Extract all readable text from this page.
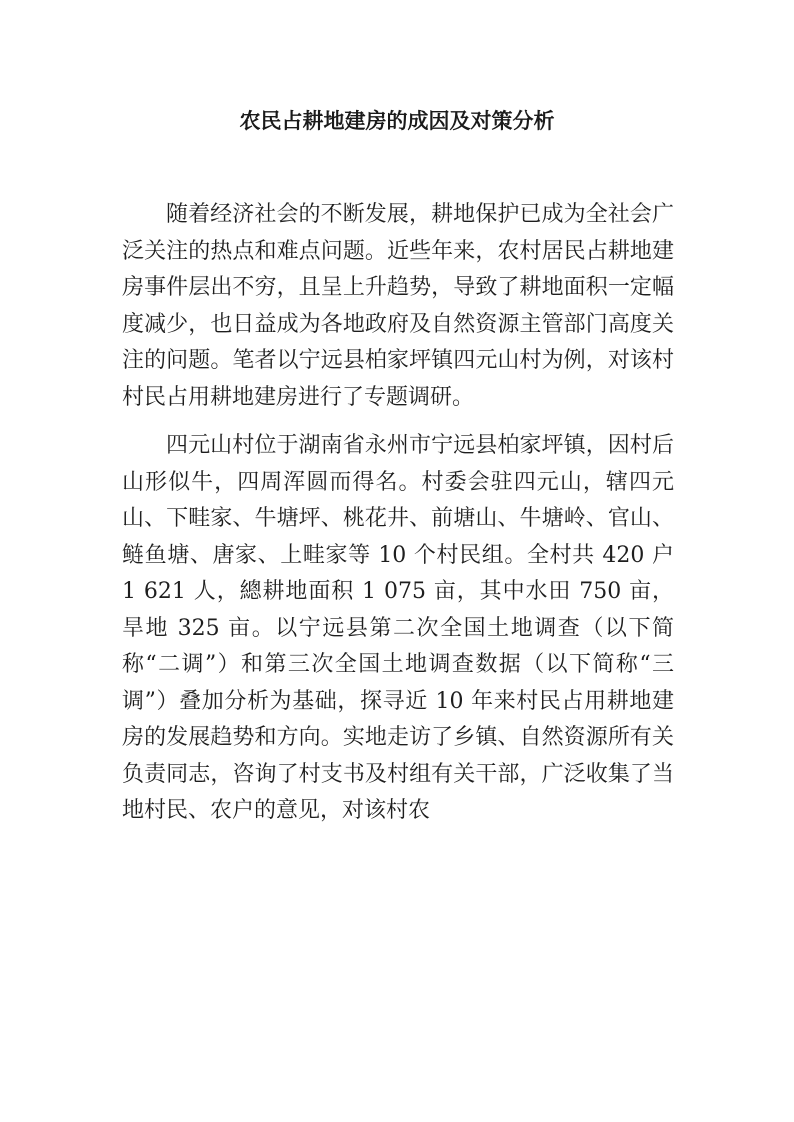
农民占耕地建房的成因及对策分析

随着经济社会的不断发展，耕地保护已成为全社会广泛关注的热点和难点问题。近些年来，农村居民占耕地建房事件层出不穷，且呈上升趋势，导致了耕地面积一定幅度减少，也日益成为各地政府及自然资源主管部门高度关注的问题。笔者以宁远县柏家坪镇四元山村为例，对该村村民占用耕地建房进行了专题调研。

四元山村位于湖南省永州市宁远县柏家坪镇，因村后山形似牛，四周浑圆而得名。村委会驻四元山，辖四元山、下畦家、牛塘坪、桃花井、前塘山、牛塘岭、官山、鲢鱼塘、唐家、上畦家等 10 个村民组。全村共 420 户 1 621 人，總耕地面积 1 075 亩，其中水田 750 亩，旱地 325 亩。以宁远县第二次全国土地调查（以下简称“二调”）和第三次全国土地调查数据（以下简称“三调”）叠加分析为基础，探寻近 10 年来村民占用耕地建房的发展趋势和方向。实地走访了乡镇、自然资源所有关负责同志，咨询了村支书及村组有关干部，广泛收集了当地村民、农户的意见，对该村农
